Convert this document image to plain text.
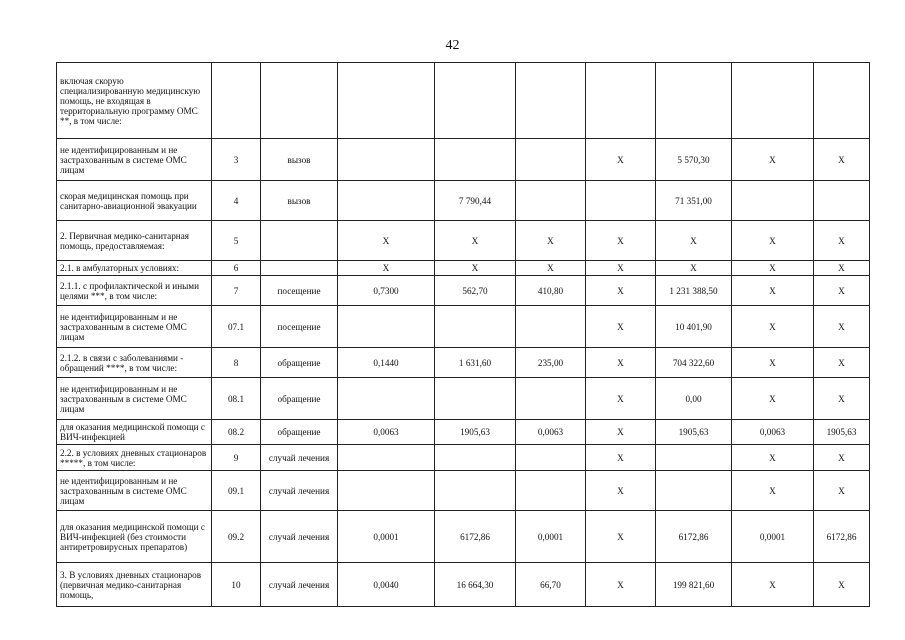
42
включая скорую специализированную медицинскую помощь, не входящая в территориальную программу ОМС **, в том числе:									
не идентифицированным и не застрахованным в системе ОМС лицам	3	вызов				X	5 570,30	X	X
скорая медицинская помощь при санитарно-авиационной эвакуации	4	вызов		7 790,44			71 351,00		
2. Первичная медико-санитарная помощь, предоставляемая:	5		X	X	X	X	X	X	X
2.1. в амбулаторных условиях:	6		X	X	X	X	X	X	X
2.1.1. с профилактической и иными целями ***, в том числе:	7	посещение	0,7300	562,70	410,80	X	1 231 388,50	X	X
не идентифицированным и не застрахованным в системе ОМС лицам	07.1	посещение				X	10 401,90	X	X
2.1.2. в связи с заболеваниями - обращений ****, в том числе:	8	обращение	0,1440	1 631,60	235,00	X	704 322,60	X	X
не идентифицированным и не застрахованным в системе ОМС лицам	08.1	обращение				X	0,00	X	X
для оказания медицинской помощи с ВИЧ-инфекцией	08.2	обращение	0,0063	1905,63	0,0063	X	1905,63	0,0063	1905,63
2.2. в условиях дневных стационаров *****, в том числе:	9	случай лечения				X		X	X
не идентифицированным и не застрахованным в системе ОМС лицам	09.1	случай лечения				X		X	X
для оказания медицинской помощи с ВИЧ-инфекцией (без стоимости антиретровирусных препаратов)	09.2	случай лечения	0,0001	6172,86	0,0001	X	6172,86	0,0001	6172,86
3. В условиях дневных стационаров (первичная медико-санитарная помощь,	10	случай лечения	0,0040	16 664,30	66,70	X	199 821,60	X	X
